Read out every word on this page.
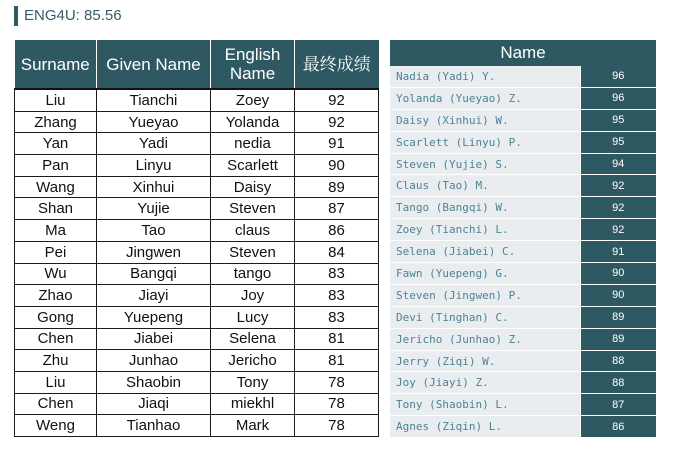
ENG4U: 85.56
Surname	Given Name	English Name	最终成绩
Liu	Tianchi	Zoey	92
Zhang	Yueyao	Yolanda	92
Yan	Yadi	nedia	91
Pan	Linyu	Scarlett	90
Wang	Xinhui	Daisy	89
Shan	Yujie	Steven	87
Ma	Tao	claus	86
Pei	Jingwen	Steven	84
Wu	Bangqi	tango	83
Zhao	Jiayi	Joy	83
Gong	Yuepeng	Lucy	83
Chen	Jiabei	Selena	81
Zhu	Junhao	Jericho	81
Liu	Shaobin	Tony	78
Chen	Jiaqi	miekhl	78
Weng	Tianhao	Mark	78
Name	
Nadia (Yadi) Y.	96
Yolanda (Yueyao) Z.	96
Daisy (Xinhui) W.	95
Scarlett (Linyu) P.	95
Steven (Yujie) S.	94
Claus (Tao) M.	92
Tango (Bangqi) W.	92
Zoey (Tianchi) L.	92
Selena (Jiabei) C.	91
Fawn (Yuepeng) G.	90
Steven (Jingwen) P.	90
Devi (Tinghan) C.	89
Jericho (Junhao) Z.	89
Jerry (Ziqi) W.	88
Joy (Jiayi) Z.	88
Tony (Shaobin) L.	87
Agnes (Ziqin) L.	86
